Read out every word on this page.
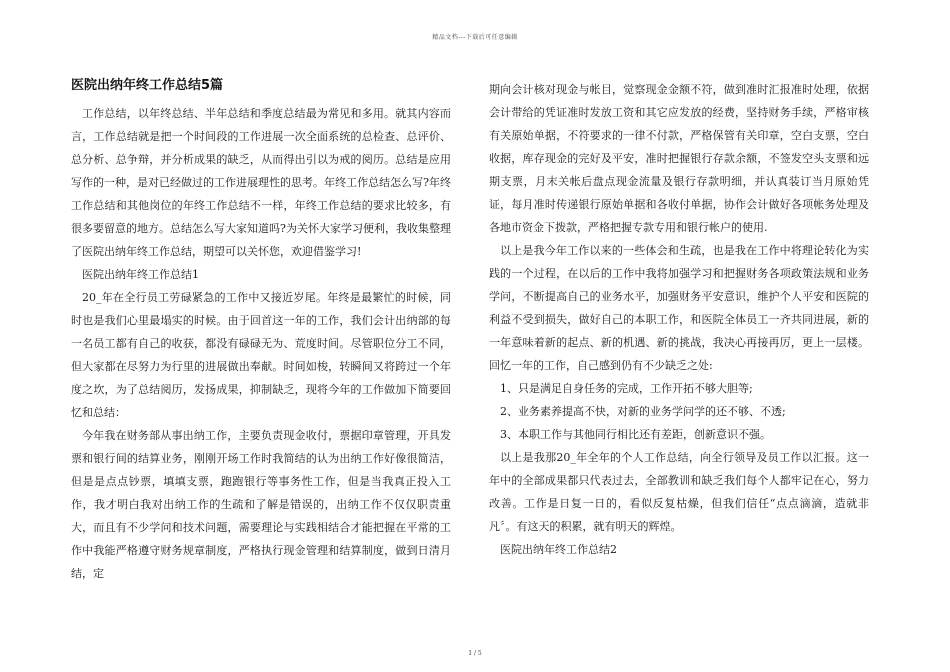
精品文档---下载后可任意编辑
医院出纳年终工作总结5篇

工作总结，以年终总结、半年总结和季度总结最为常见和多用。就其内容而言，工作总结就是把一个时间段的工作进展一次全面系统的总检查、总评价、总分析、总争辩，并分析成果的缺乏，从而得出引以为戒的阅历。总结是应用写作的一种，是对已经做过的工作进展理性的思考。年终工作总结怎么写?年终工作总结和其他岗位的年终工作总结不一样，年终工作总结的要求比较多，有很多要留意的地方。总结怎么写大家知道吗?为关怀大家学习便利，我收集整理了医院出纳年终工作总结，期望可以关怀您，欢迎借鉴学习!

医院出纳年终工作总结1

20_年在全行员工劳碌紧急的工作中又接近岁尾。年终是最繁忙的时候，同时也是我们心里最塌实的时候。由于回首这一年的工作，我们会计出纳部的每一名员工都有自己的收获，都没有碌碌无为、荒度时间。尽管职位分工不同，但大家都在尽努力为行里的进展做出奉献。时间如梭，转瞬间又将跨过一个年度之坎，为了总结阅历，发扬成果，抑制缺乏，现将今年的工作做加下简要回忆和总结：

今年我在财务部从事出纳工作，主要负责现金收付，票据印章管理，开具发票和银行间的结算业务，刚刚开场工作时我简结的认为出纳工作好像很简洁，但是是点点钞票，填填支票，跑跑银行等事务性工作，但是当我真正投入工作，我才明白我对出纳工作的生疏和了解是错误的，出纳工作不仅仅职责重大，而且有不少学问和技术问题，需要理论与实践相结合才能把握在平常的工作中我能严格遵守财务规章制度，严格执行现金管理和结算制度，做到日清月结，定

期向会计核对现金与帐目，觉察现金金额不符，做到准时汇报准时处理，依据会计带给的凭证准时发放工资和其它应发放的经费，坚持财务手续，严格审核有关原始单据，不符要求的一律不付款，严格保管有关印章，空白支票，空白收据，库存现金的完好及平安，准时把握银行存款余额，不签发空头支票和远期支票，月末关帐后盘点现金流量及银行存款明细，并认真装订当月原始凭证，每月准时传递银行原始单据和各收付单据，协作会计做好各项帐务处理及各地市资金下拨款，严格把握专款专用和银行帐户的使用.

以上是我今年工作以来的一些体会和生疏，也是我在工作中将理论转化为实践的一个过程，在以后的工作中我将加强学习和把握财务各项政策法规和业务学问，不断提高自己的业务水平，加强财务平安意识，维护个人平安和医院的利益不受到损失，做好自己的本职工作，和医院全体员工一齐共同进展，新的一年意味着新的起点、新的机遇、新的挑战，我决心再接再厉，更上一层楼。回忆一年的工作，自己感到仍有不少缺乏之处:

1、只是满足自身任务的完成，工作开拓不够大胆等;

2、业务素养提高不快，对新的业务学问学的还不够、不透;

3、本职工作与其他同行相比还有差距，创新意识不强。

以上是我那20_年全年的个人工作总结，向全行领导及员工作以汇报。这一年中的全部成果都只代表过去，全部教训和缺乏我们每个人都牢记在心，努力改善。工作是日复一日的，看似反复枯燥，但我们信任“点点滴滴，造就非凡〞。有这天的积累，就有明天的辉煌。

医院出纳年终工作总结2

1 / 5
